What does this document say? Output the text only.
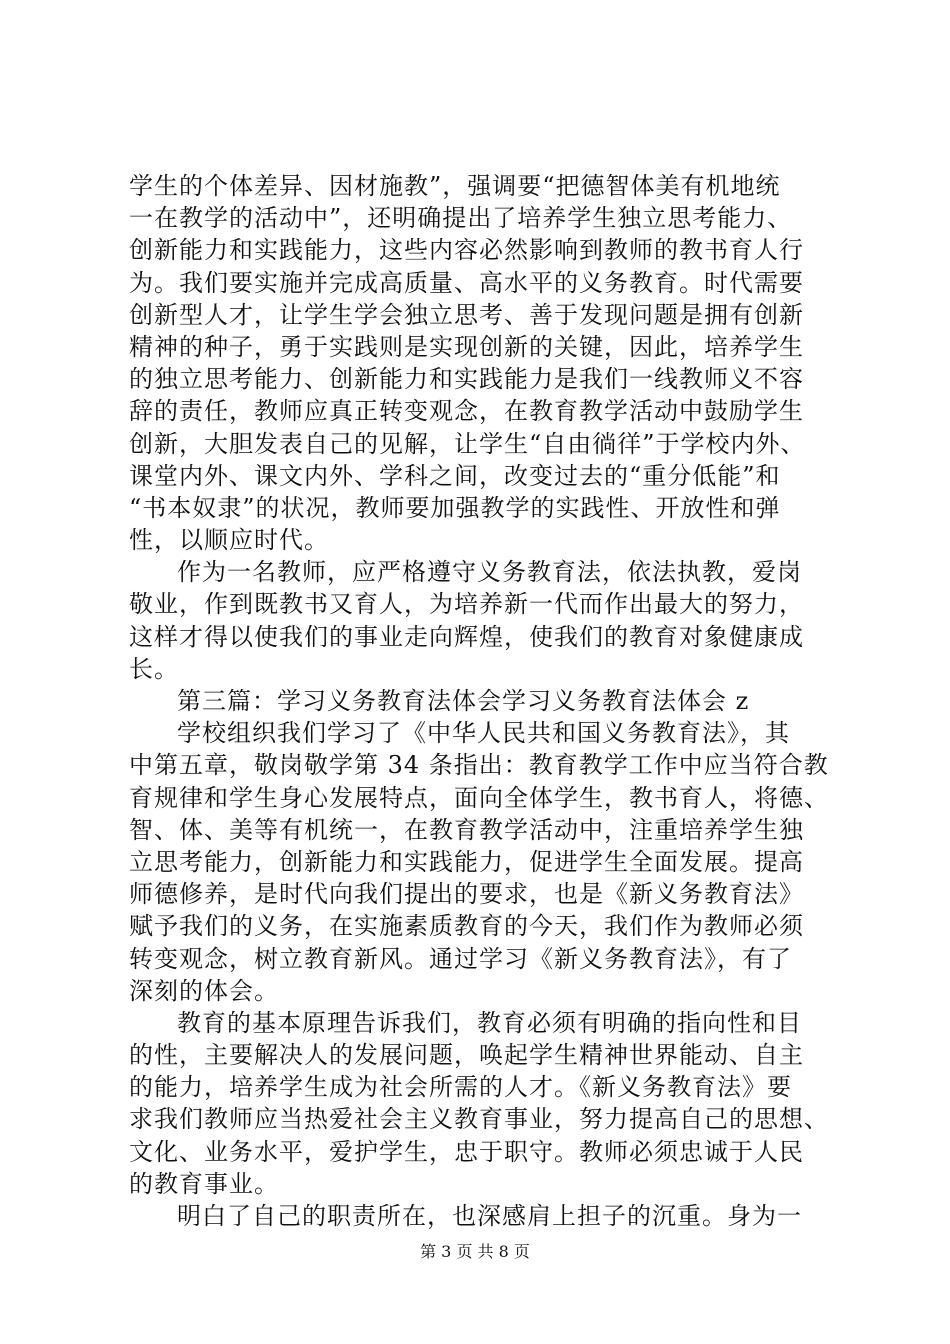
学生的个体差异、因材施教”，强调要“把德智体美有机地统
一在教学的活动中”，还明确提出了培养学生独立思考能力、
创新能力和实践能力，这些内容必然影响到教师的教书育人行
为。我们要实施并完成高质量、高水平的义务教育。时代需要
创新型人才，让学生学会独立思考、善于发现问题是拥有创新
精神的种子，勇于实践则是实现创新的关键，因此，培养学生
的独立思考能力、创新能力和实践能力是我们一线教师义不容
辞的责任，教师应真正转变观念，在教育教学活动中鼓励学生
创新，大胆发表自己的见解，让学生“自由徜徉”于学校内外、
课堂内外、课文内外、学科之间，改变过去的“重分低能”和
“书本奴隶”的状况，教师要加强教学的实践性、开放性和弹
性，以顺应时代。
作为一名教师，应严格遵守义务教育法，依法执教，爱岗
敬业，作到既教书又育人，为培养新一代而作出最大的努力，
这样才得以使我们的事业走向辉煌，使我们的教育对象健康成
长。
第三篇：学习义务教育法体会学习义务教育法体会 z
学校组织我们学习了《中华人民共和国义务教育法》，其
中第五章，敬岗敬学第 34 条指出：教育教学工作中应当符合教
育规律和学生身心发展特点，面向全体学生，教书育人，将德、
智、体、美等有机统一，在教育教学活动中，注重培养学生独
立思考能力，创新能力和实践能力，促进学生全面发展。提高
师德修养，是时代向我们提出的要求，也是《新义务教育法》
赋予我们的义务，在实施素质教育的今天，我们作为教师必须
转变观念，树立教育新风。通过学习《新义务教育法》，有了
深刻的体会。
教育的基本原理告诉我们，教育必须有明确的指向性和目
的性，主要解决人的发展问题，唤起学生精神世界能动、自主
的能力，培养学生成为社会所需的人才。《新义务教育法》要
求我们教师应当热爱社会主义教育事业，努力提高自己的思想、
文化、业务水平，爱护学生，忠于职守。教师必须忠诚于人民
的教育事业。
明白了自己的职责所在，也深感肩上担子的沉重。身为一
第 3 页 共 8 页
